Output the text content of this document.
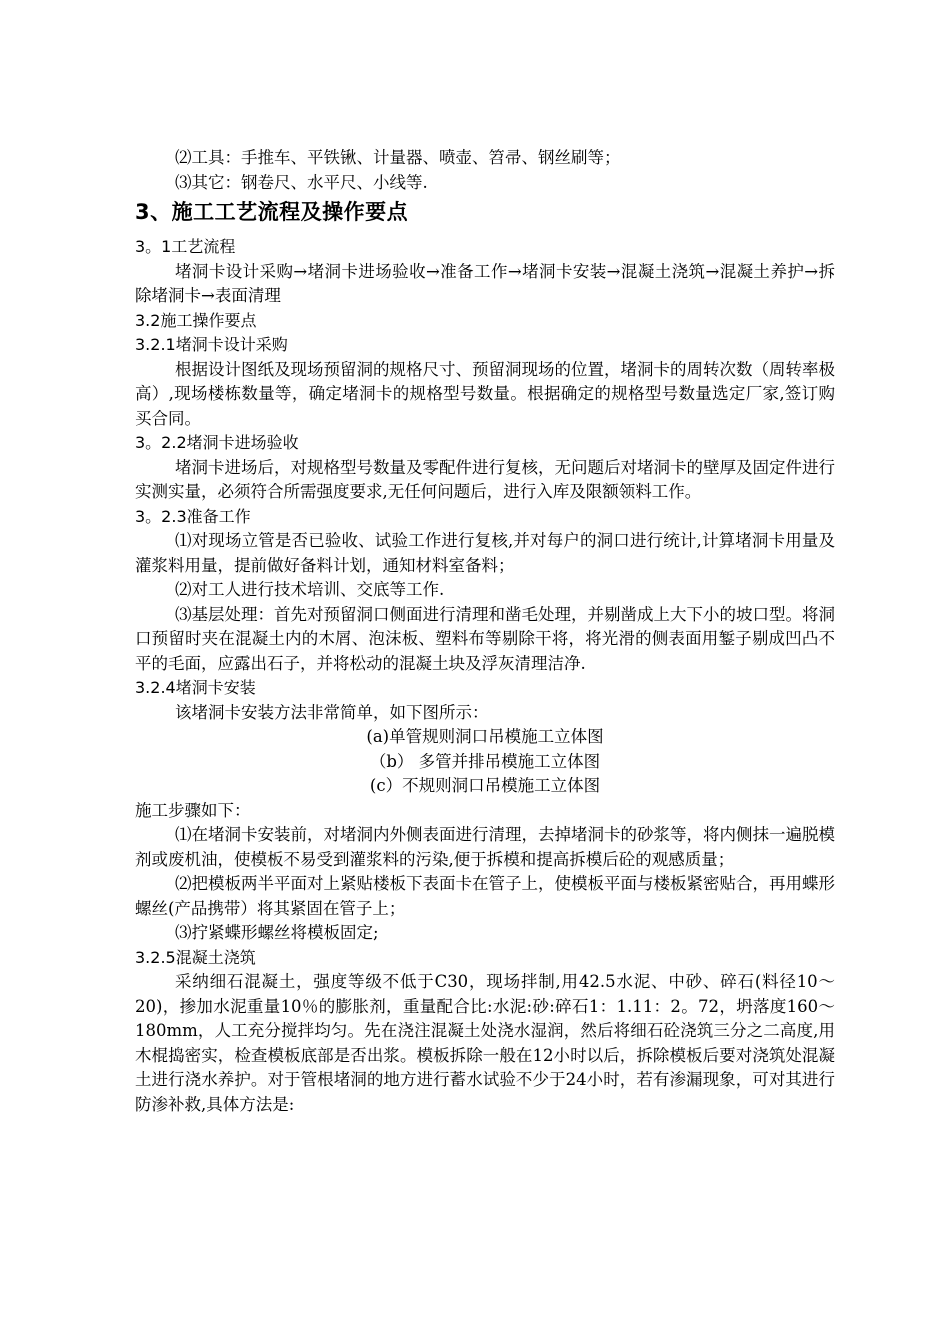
⑵工具：手推车、平铁锹、计量器、喷壶、笤帚、钢丝刷等；

⑶其它：钢卷尺、水平尺、小线等.

3、施工工艺流程及操作要点

3。1工艺流程

堵洞卡设计采购→堵洞卡进场验收→准备工作→堵洞卡安装→混凝土浇筑→混凝土养护→拆除堵洞卡→表面清理

3.2施工操作要点

3.2.1堵洞卡设计采购

根据设计图纸及现场预留洞的规格尺寸、预留洞现场的位置，堵洞卡的周转次数（周转率极高）,现场楼栋数量等，确定堵洞卡的规格型号数量。根据确定的规格型号数量选定厂家,签订购买合同。

3。2.2堵洞卡进场验收

堵洞卡进场后，对规格型号数量及零配件进行复核，无问题后对堵洞卡的壁厚及固定件进行实测实量，必须符合所需强度要求,无任何问题后，进行入库及限额领料工作。

3。2.3准备工作

⑴对现场立管是否已验收、试验工作进行复核,并对每户的洞口进行统计,计算堵洞卡用量及灌浆料用量，提前做好备料计划，通知材料室备料；

⑵对工人进行技术培训、交底等工作.

⑶基层处理：首先对预留洞口侧面进行清理和凿毛处理，并剔凿成上大下小的坡口型。将洞口预留时夹在混凝土内的木屑、泡沫板、塑料布等剔除干将，将光滑的侧表面用錾子剔成凹凸不平的毛面，应露出石子，并将松动的混凝土块及浮灰清理洁净.

3.2.4堵洞卡安装

该堵洞卡安装方法非常简单，如下图所示：

(a)单管规则洞口吊模施工立体图

（b） 多管并排吊模施工立体图

(c）不规则洞口吊模施工立体图

施工步骤如下：

⑴在堵洞卡安装前，对堵洞内外侧表面进行清理，去掉堵洞卡的砂浆等，将内侧抹一遍脱模剂或废机油，使模板不易受到灌浆料的污染,便于拆模和提高拆模后砼的观感质量；

⑵把模板两半平面对上紧贴楼板下表面卡在管子上，使模板平面与楼板紧密贴合，再用蝶形螺丝(产品携带）将其紧固在管子上；

⑶拧紧蝶形螺丝将模板固定;

3.2.5混凝土浇筑

采纳细石混凝土，强度等级不低于C30，现场拌制,用42.5水泥、中砂、碎石(料径10～20)，掺加水泥重量10％的膨胀剂，重量配合比:水泥:砂:碎石1：1.11：2。72，坍落度160～180mm，人工充分搅拌均匀。先在浇注混凝土处浇水湿润，然后将细石砼浇筑三分之二高度,用木棍捣密实，检查模板底部是否出浆。模板拆除一般在12小时以后，拆除模板后要对浇筑处混凝土进行浇水养护。对于管根堵洞的地方进行蓄水试验不少于24小时，若有渗漏现象，可对其进行防渗补救,具体方法是:
